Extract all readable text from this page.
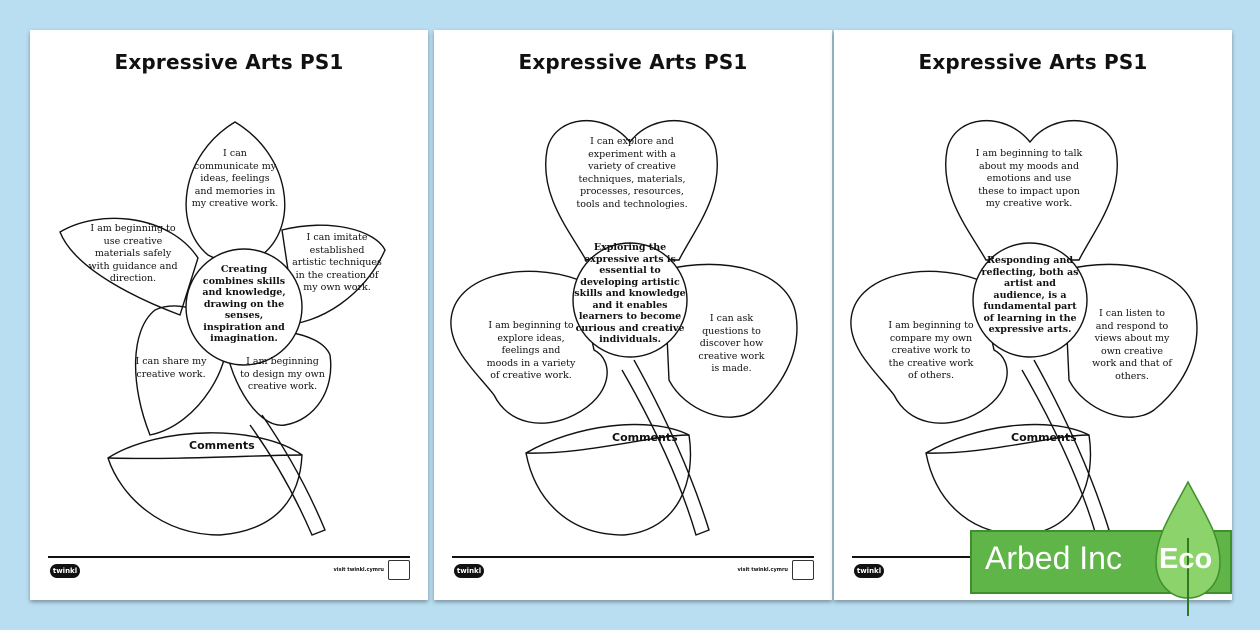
Expressive Arts PS1
I can communicate my ideas, feelings and memories in my creative work.
I can imitate established artistic techniques in the creation of my own work.
I am beginning to design my own creative work.
I can share my creative work.
I am beginning to use creative materials safely with guidance and direction.
Creating combines skills and knowledge, drawing on the senses, inspiration and imagination.
Comments
twinkl	visit twinkl.cymru
Expressive Arts PS1
I can explore and experiment with a variety of creative techniques, materials, processes, resources, tools and technologies.
I can ask questions to discover how creative work is made.
I am beginning to explore ideas, feelings and moods in a variety of creative work.
Exploring the expressive arts is essential to developing artistic skills and knowledge and it enables learners to become curious and creative individuals.
Comments
twinkl	visit twinkl.cymru
Expressive Arts PS1
I am beginning to talk about my moods and emotions and use these to impact upon my creative work.
I can listen to and respond to views about my own creative work and that of others.
I am beginning to compare my own creative work to the creative work of others.
Responding and reflecting, both as artist and audience, is a fundamental part of learning in the expressive arts.
Comments
twinkl	Arbed Inc Eco
